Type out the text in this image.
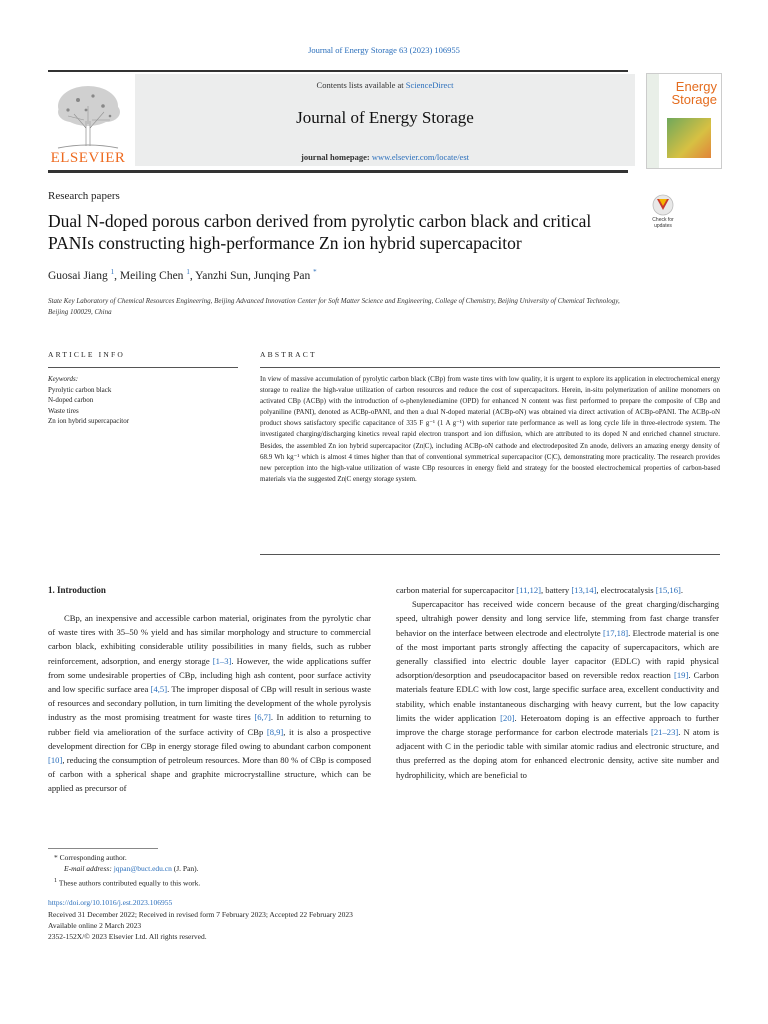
Journal of Energy Storage 63 (2023) 106955
ELSEVIER
Contents lists available at ScienceDirect
Journal of Energy Storage
journal homepage: www.elsevier.com/locate/est
Energy
Storage
Research papers
Dual N-doped porous carbon derived from pyrolytic carbon black and critical PANIs constructing high-performance Zn ion hybrid supercapacitor
Check for
updates
Guosai Jiang $^1$, Meiling Chen $^1$, Yanzhi Sun, Junqing Pan *
State Key Laboratory of Chemical Resources Engineering, Beijing Advanced Innovation Center for Soft Matter Science and Engineering, College of Chemistry, Beijing University of Chemical Technology, Beijing 100029, China
ARTICLE INFO	ABSTRACT
Keywords:
Pyrolytic carbon black
N-doped carbon
Waste tires
Zn ion hybrid supercapacitor
In view of massive accumulation of pyrolytic carbon black (CBp) from waste tires with low quality, it is urgent to explore its application in electrochemical energy storage to realize the high-value utilization of carbon resources and reduce the cost of supercapacitors. Herein, in-situ polymerization of aniline monomers on activated CBp (ACBp) with the introduction of o-phenylenediamine (OPD) for enhanced N content was first performed to prepare the composite of CBp and polyaniline (PANI), denoted as ACBp-oPANI, and then a dual N-doped material (ACBp-oN) was obtained via direct activation of ACBp-oPANI. The ACBp-oN product shows satisfactory specific capacitance of 335 F g⁻¹ (1 A g⁻¹) with superior rate performance as well as long cycle life in three-electrode system. The investigated charging/discharging kinetics reveal rapid electron transport and ion diffusion, which are attributed to its doped N and enriched channel structure. Besides, the assembled Zn ion hybrid supercapacitor (Zn|C), including ACBp-oN cathode and electrodeposited Zn anode, delivers an amazing energy density of 68.9 Wh kg⁻¹ which is almost 4 times higher than that of conventional symmetrical supercapacitor (C|C), demonstrating more practicality. The research provides new perception into the high-value utilization of waste CBp resources in energy field and strategy for the boosted electrochemical properties of carbon-based materials via the suggested Zn|C energy storage system.
1. Introduction

CBp, an inexpensive and accessible carbon material, originates from the pyrolytic char of waste tires with 35–50 % yield and has similar morphology and structure to commercial carbon black, exhibiting considerable utility possibilities in many fields, such as rubber reinforcement, adsorption, and energy storage [1–3]. However, the wide applications suffer from some undesirable properties of CBp, including high ash content, poor surface activity and low specific surface area [4,5]. The improper disposal of CBp will result in serious waste of resources and secondary pollution, in turn limiting the development of the whole pyrolysis industry as the most promising treatment for waste tires [6,7]. In addition to returning to rubber field via amelioration of the surface activity of CBp [8,9], it is also a prospective development direction for CBp in energy storage filed owing to abundant carbon component [10], reducing the consumption of petroleum resources. More than 80 % of CBp is composed of carbon with a spherical shape and graphite microcrystalline structure, which can be applied as precursor of

carbon material for supercapacitor [11,12], battery [13,14], electrocatalysis [15,16].

Supercapacitor has received wide concern because of the great charging/discharging speed, ultrahigh power density and long service life, stemming from fast charge transfer behavior on the interface between electrode and electrolyte [17,18]. Electrode material is one of the most important parts strongly affecting the capacity of supercapacitors, which are generally classified into electric double layer capacitor (EDLC) with rapid physical adsorption/desorption and pseudocapacitor based on reversible redox reaction [19]. Carbon materials feature EDLC with low cost, large specific surface area, excellent conductivity and stability, which enable instantaneous discharging with heavy current, but the low capacity limits the wider application [20]. Heteroatom doping is an effective approach to further improve the charge storage performance for carbon electrode materials [21–23]. N atom is adjacent with C in the periodic table with similar atomic radius and electronic structure, and thus preferred as the doping atom for enhanced electronic density, active site number and hydrophilicity, which are beneficial to

* Corresponding author.
E-mail address: jqpan@buct.edu.cn (J. Pan).
$^1$ These authors contributed equally to this work.
https://doi.org/10.1016/j.est.2023.106955
Received 31 December 2022; Received in revised form 7 February 2023; Accepted 22 February 2023
Available online 2 March 2023
2352-152X/© 2023 Elsevier Ltd. All rights reserved.
